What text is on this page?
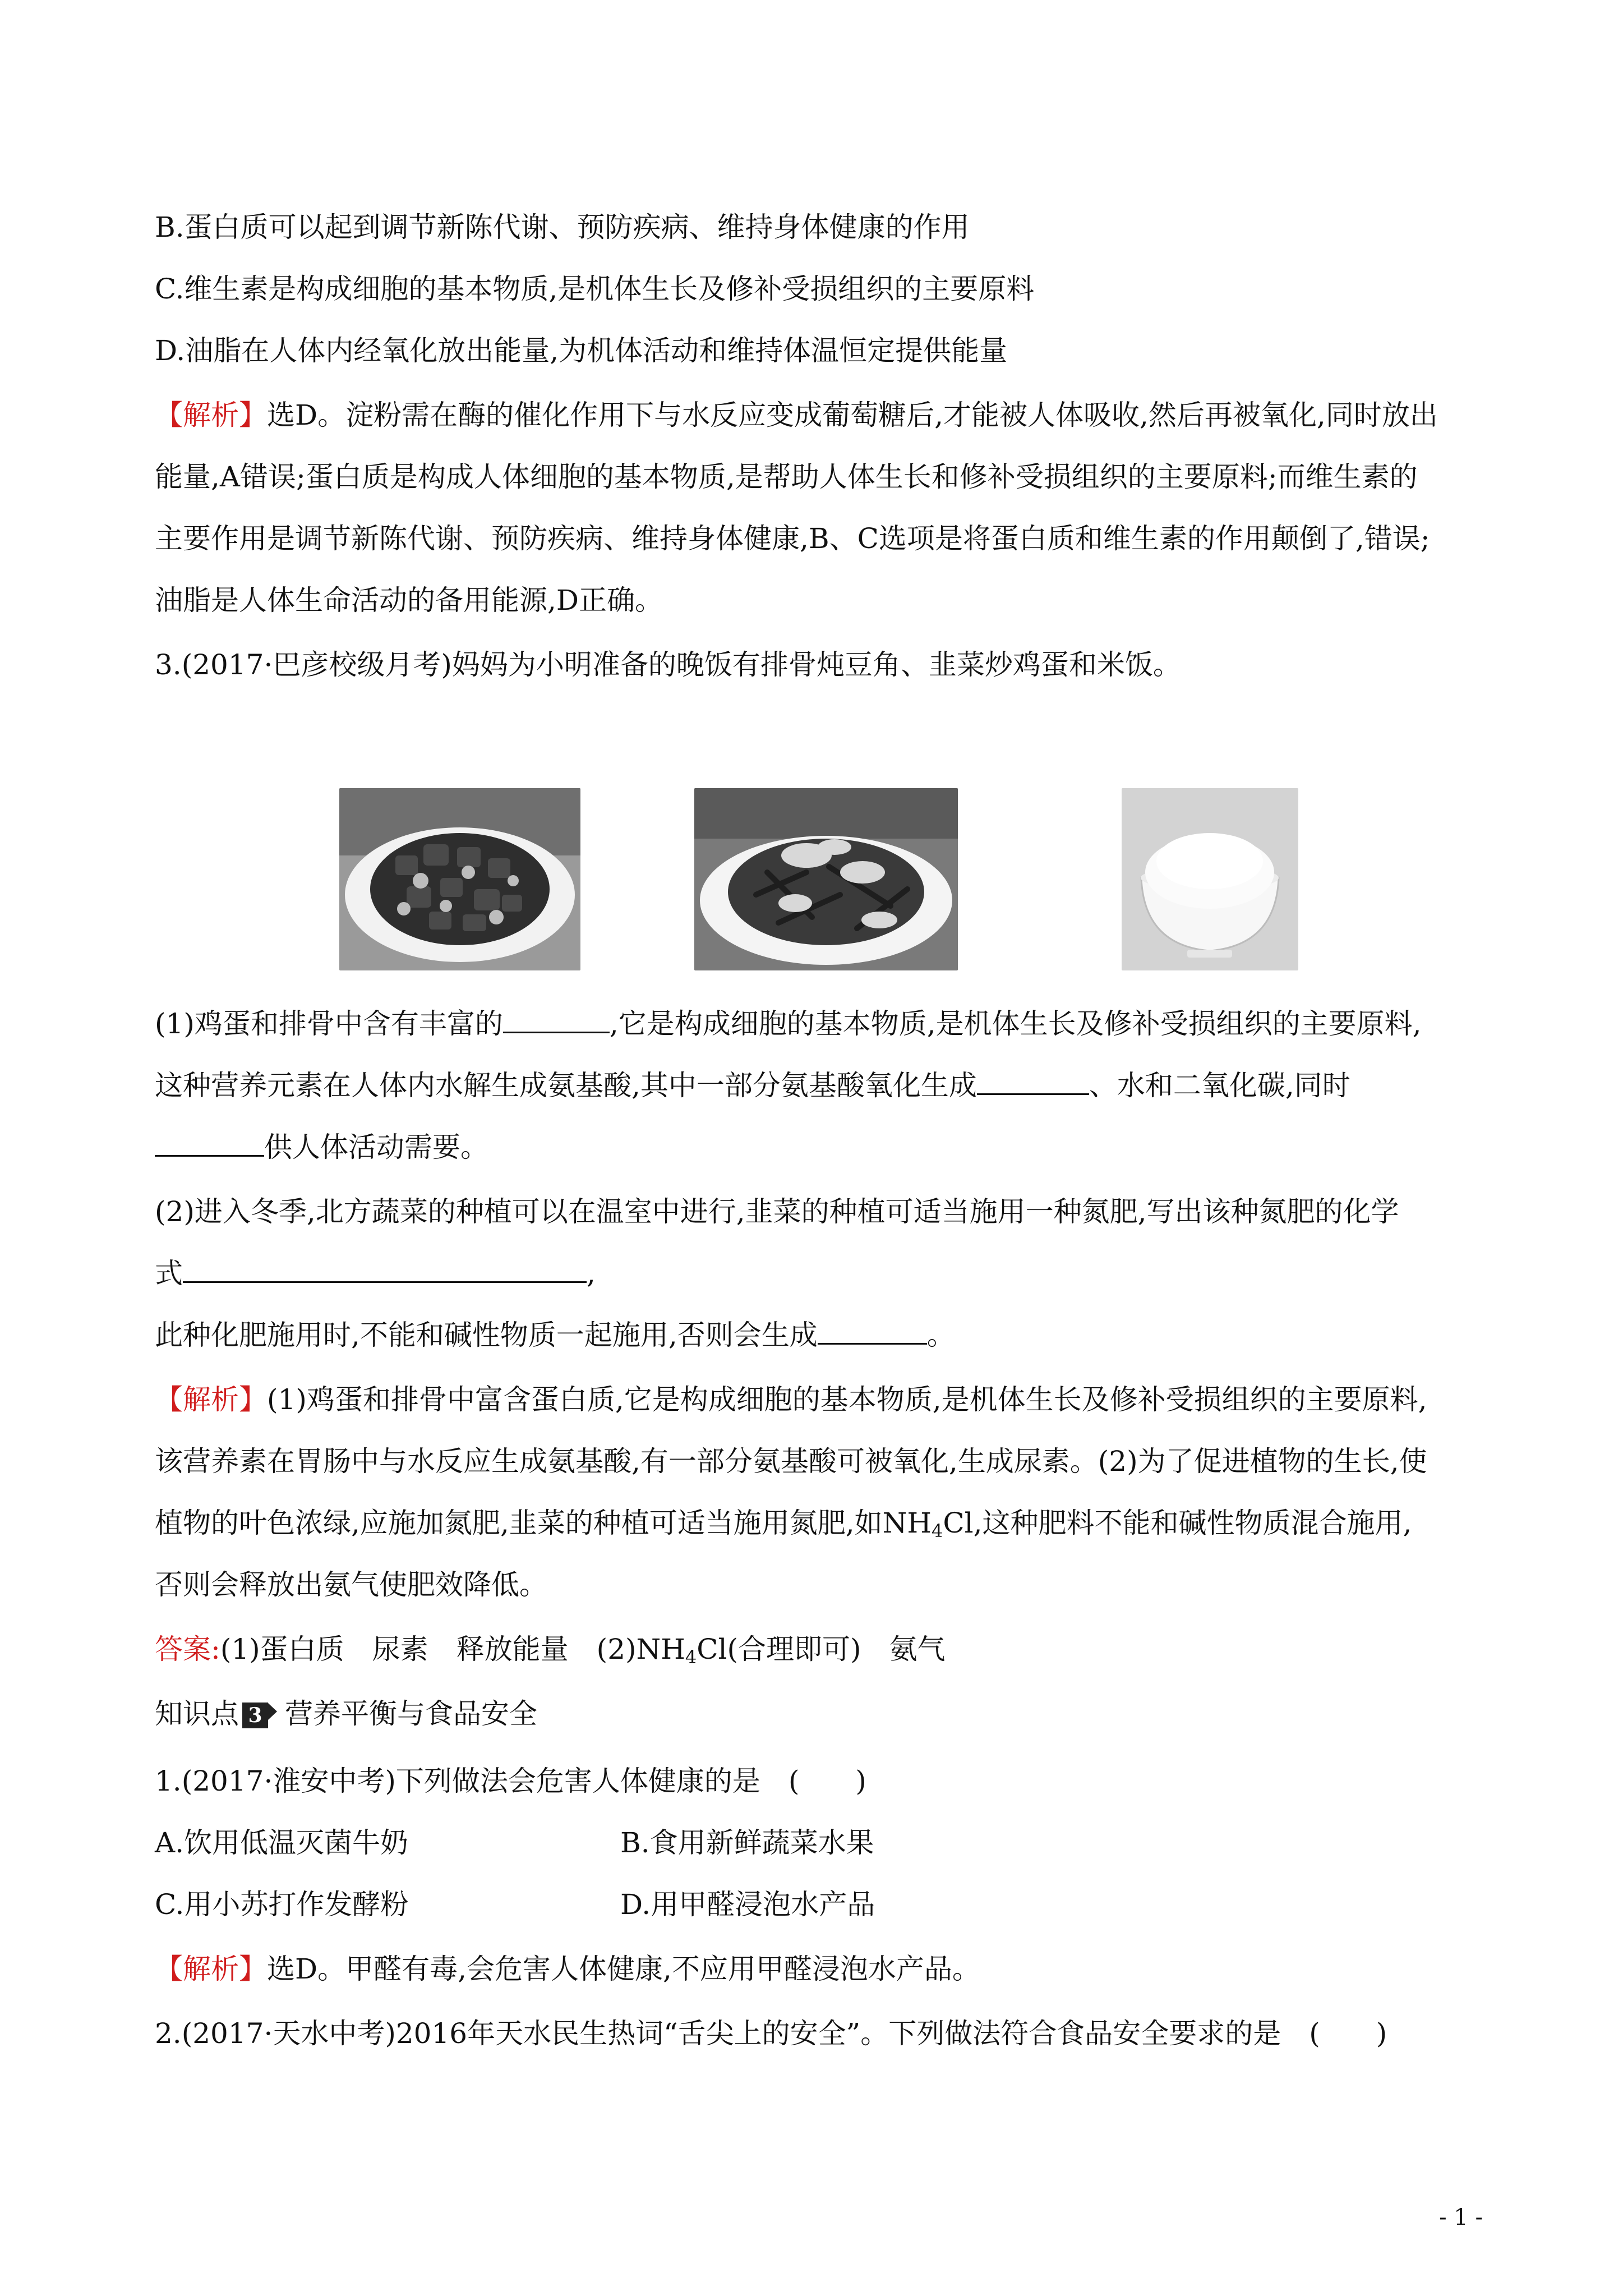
B.蛋白质可以起到调节新陈代谢、预防疾病、维持身体健康的作用
C.维生素是构成细胞的基本物质,是机体生长及修补受损组织的主要原料
D.油脂在人体内经氧化放出能量,为机体活动和维持体温恒定提供能量
【解析】选D。淀粉需在酶的催化作用下与水反应变成葡萄糖后,才能被人体吸收,然后再被氧化,同时放出
能量,A错误;蛋白质是构成人体细胞的基本物质,是帮助人体生长和修补受损组织的主要原料;而维生素的
主要作用是调节新陈代谢、预防疾病、维持身体健康,B、C选项是将蛋白质和维生素的作用颠倒了,错误;
油脂是人体生命活动的备用能源,D正确。
3.(2017·巴彦校级月考)妈妈为小明准备的晚饭有排骨炖豆角、韭菜炒鸡蛋和米饭。
(1)鸡蛋和排骨中含有丰富的	,它是构成细胞的基本物质,是机体生长及修补受损组织的主要原料,
这种营养元素在人体内水解生成氨基酸,其中一部分氨基酸氧化生成	、水和二氧化碳,同时
供人体活动需要。
(2)进入冬季,北方蔬菜的种植可以在温室中进行,韭菜的种植可适当施用一种氮肥,写出该种氮肥的化学
式	,
此种化肥施用时,不能和碱性物质一起施用,否则会生成	。
【解析】(1)鸡蛋和排骨中富含蛋白质,它是构成细胞的基本物质,是机体生长及修补受损组织的主要原料,
该营养素在胃肠中与水反应生成氨基酸,有一部分氨基酸可被氧化,生成尿素。(2)为了促进植物的生长,使
植物的叶色浓绿,应施加氮肥,韭菜的种植可适当施用氮肥,如$NH_4Cl$,这种肥料不能和碱性物质混合施用,
否则会释放出氨气使肥效降低。
答案:(1)蛋白质　尿素　释放能量　$(2)NH_4Cl$(合理即可)　氨气
知识点 3 营养平衡与食品安全
1.(2017·淮安中考)下列做法会危害人体健康的是　(　　)
A.饮用低温灭菌牛奶	B.食用新鲜蔬菜水果
C.用小苏打作发酵粉	D.用甲醛浸泡水产品
【解析】选D。甲醛有毒,会危害人体健康,不应用甲醛浸泡水产品。
2.(2017·天水中考)2016年天水民生热词“舌尖上的安全”。下列做法符合食品安全要求的是　(　　)
- 1 -
